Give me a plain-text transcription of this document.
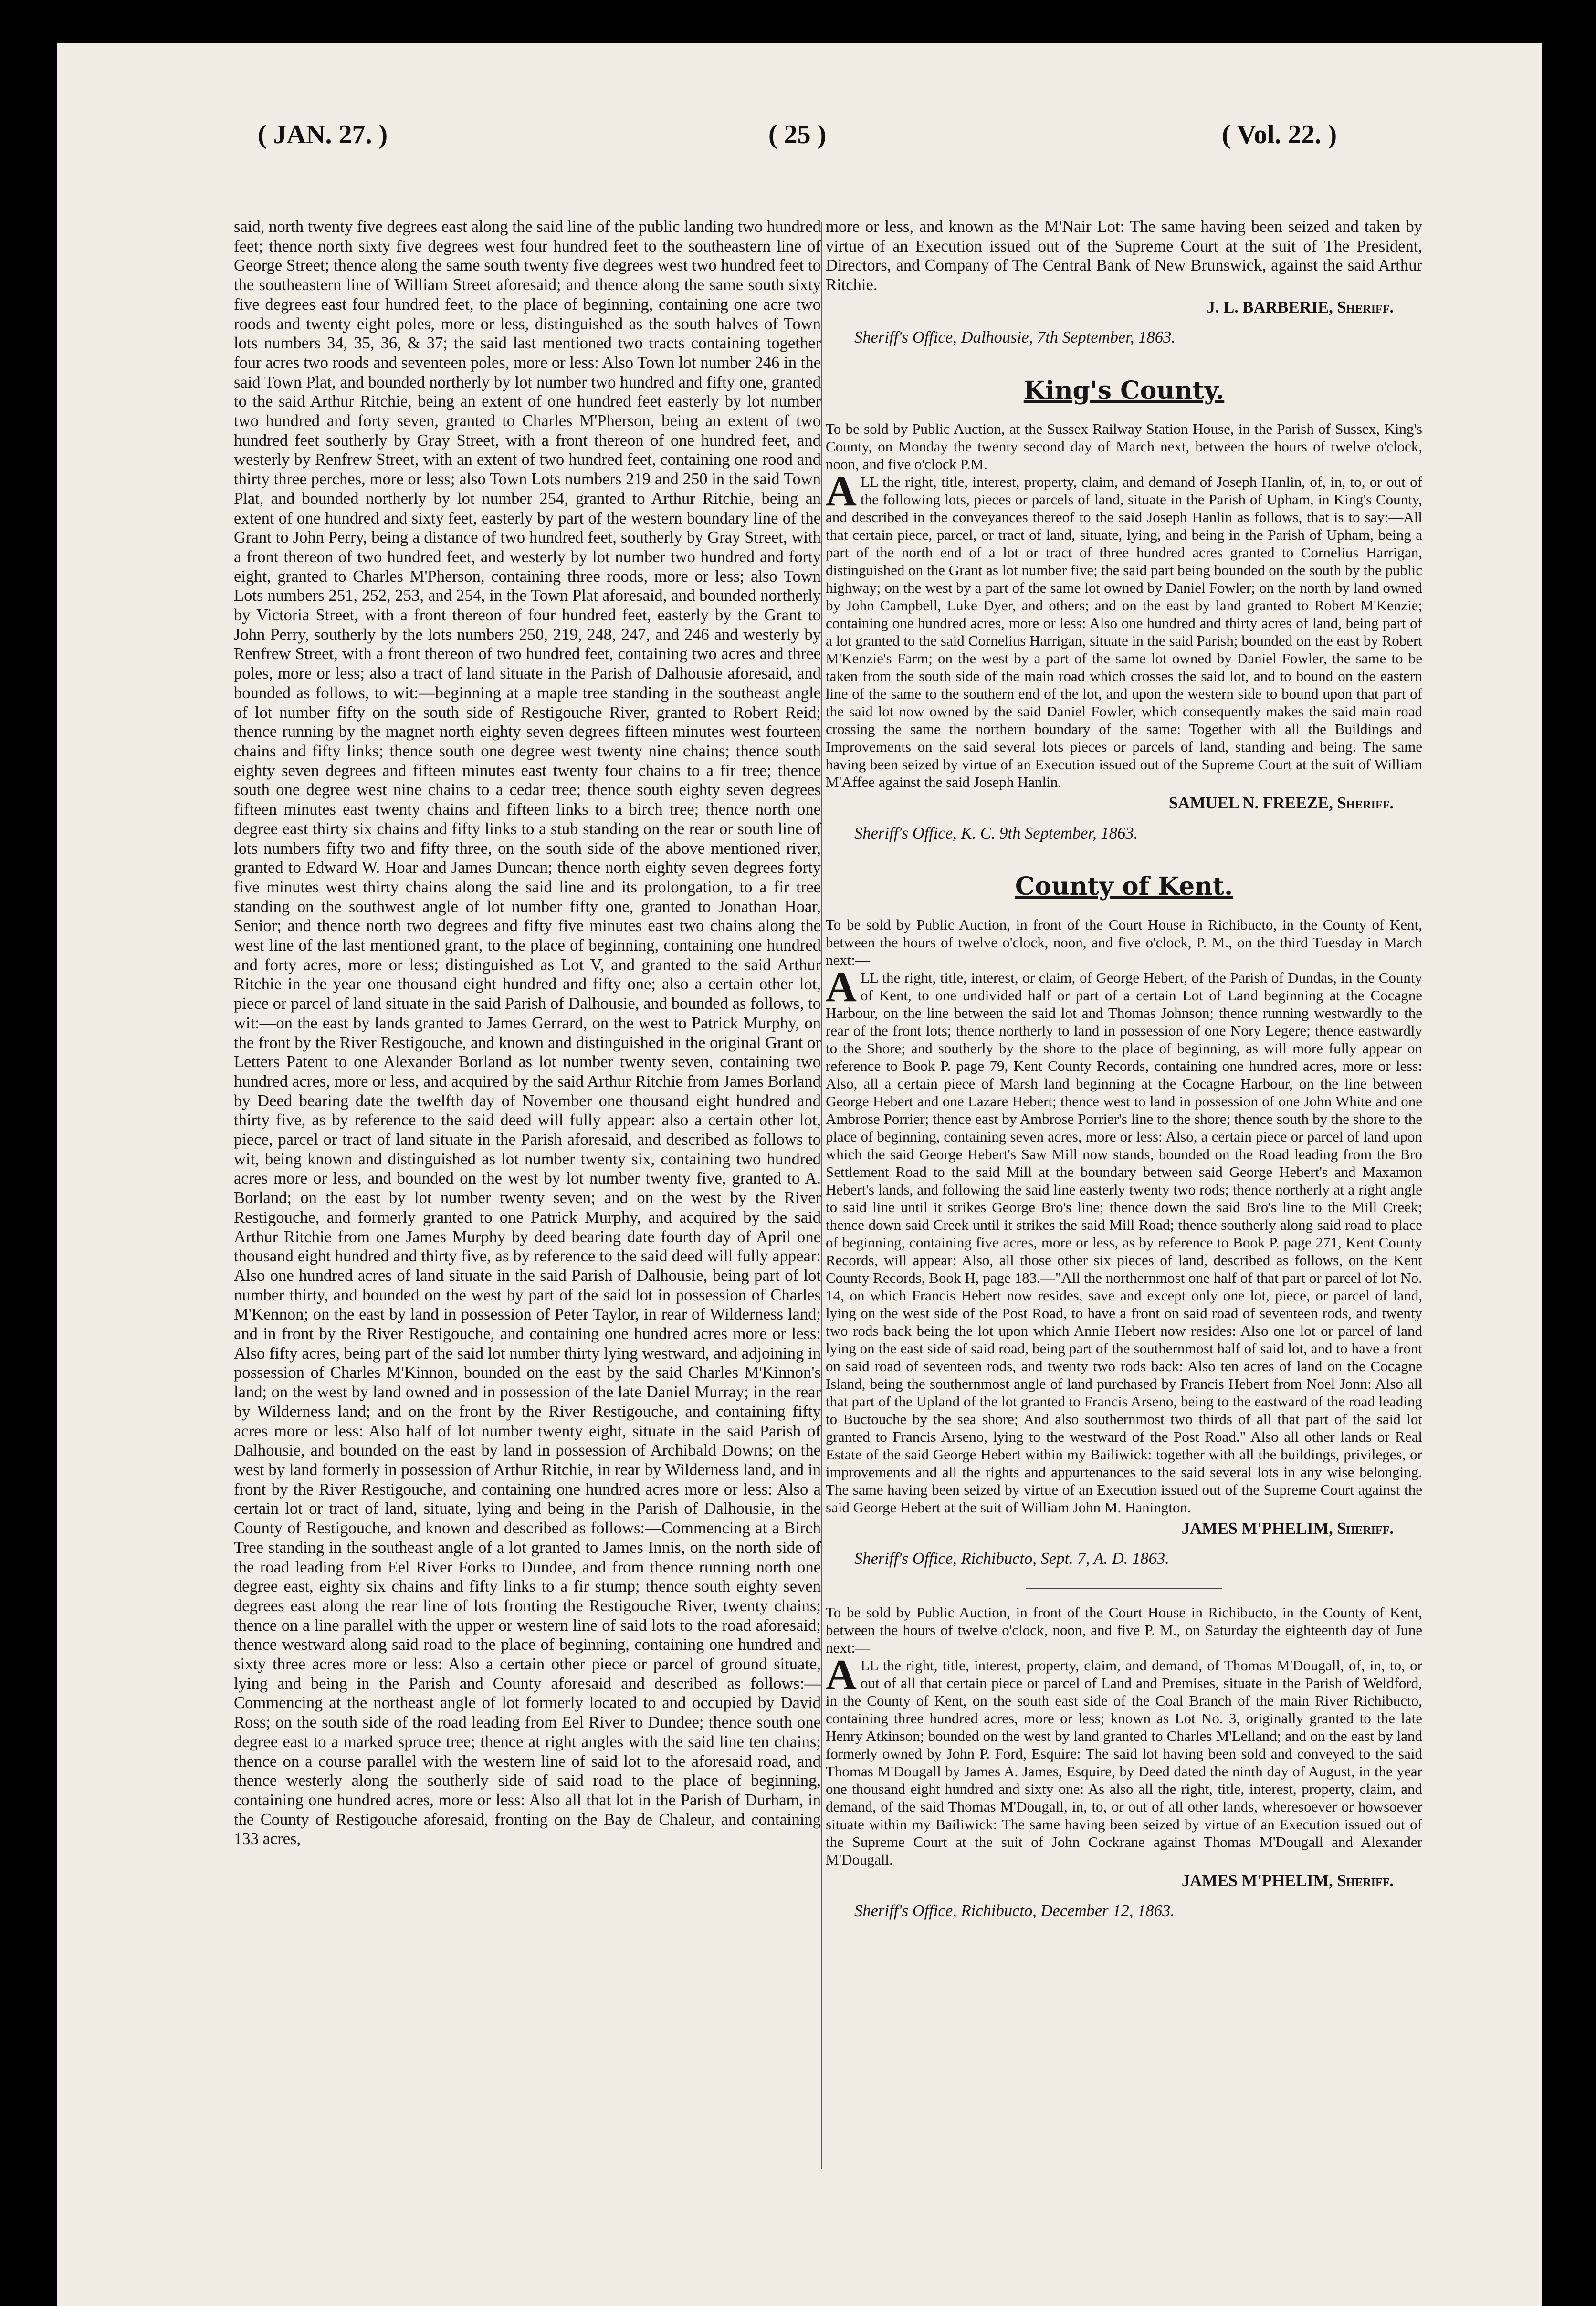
( JAN. 27. )	( 25 )	( Vol. 22. )

said, north twenty five degrees east along the said line of the public landing two hundred feet; thence north sixty five degrees west four hundred feet to the southeastern line of George Street; thence along the same south twenty five degrees west two hundred feet to the southeastern line of William Street aforesaid; and thence along the same south sixty five degrees east four hundred feet, to the place of beginning, containing one acre two roods and twenty eight poles, more or less, distinguished as the south halves of Town lots numbers 34, 35, 36, & 37; the said last mentioned two tracts containing together four acres two roods and seventeen poles, more or less: Also Town lot number 246 in the said Town Plat, and bounded northerly by lot number two hundred and fifty one, granted to the said Arthur Ritchie, being an extent of one hundred feet easterly by lot number two hundred and forty seven, granted to Charles M'Pherson, being an extent of two hundred feet southerly by Gray Street, with a front thereon of one hundred feet, and westerly by Renfrew Street, with an extent of two hundred feet, containing one rood and thirty three perches, more or less; also Town Lots numbers 219 and 250 in the said Town Plat, and bounded northerly by lot number 254, granted to Arthur Ritchie, being an extent of one hundred and sixty feet, easterly by part of the western boundary line of the Grant to John Perry, being a distance of two hundred feet, southerly by Gray Street, with a front thereon of two hundred feet, and westerly by lot number two hundred and forty eight, granted to Charles M'Pherson, containing three roods, more or less; also Town Lots numbers 251, 252, 253, and 254, in the Town Plat aforesaid, and bounded northerly by Victoria Street, with a front thereon of four hundred feet, easterly by the Grant to John Perry, southerly by the lots numbers 250, 219, 248, 247, and 246 and westerly by Renfrew Street, with a front thereon of two hundred feet, containing two acres and three poles, more or less; also a tract of land situate in the Parish of Dalhousie aforesaid, and bounded as follows, to wit:—beginning at a maple tree standing in the southeast angle of lot number fifty on the south side of Restigouche River, granted to Robert Reid; thence running by the magnet north eighty seven degrees fifteen minutes west fourteen chains and fifty links; thence south one degree west twenty nine chains; thence south eighty seven degrees and fifteen minutes east twenty four chains to a fir tree; thence south one degree west nine chains to a cedar tree; thence south eighty seven degrees fifteen minutes east twenty chains and fifteen links to a birch tree; thence north one degree east thirty six chains and fifty links to a stub standing on the rear or south line of lots numbers fifty two and fifty three, on the south side of the above mentioned river, granted to Edward W. Hoar and James Duncan; thence north eighty seven degrees forty five minutes west thirty chains along the said line and its prolongation, to a fir tree standing on the southwest angle of lot number fifty one, granted to Jonathan Hoar, Senior; and thence north two degrees and fifty five minutes east two chains along the west line of the last mentioned grant, to the place of beginning, containing one hundred and forty acres, more or less; distinguished as Lot V, and granted to the said Arthur Ritchie in the year one thousand eight hundred and fifty one; also a certain other lot, piece or parcel of land situate in the said Parish of Dalhousie, and bounded as follows, to wit:—on the east by lands granted to James Gerrard, on the west to Patrick Murphy, on the front by the River Restigouche, and known and distinguished in the original Grant or Letters Patent to one Alexander Borland as lot number twenty seven, containing two hundred acres, more or less, and acquired by the said Arthur Ritchie from James Borland by Deed bearing date the twelfth day of November one thousand eight hundred and thirty five, as by reference to the said deed will fully appear: also a certain other lot, piece, parcel or tract of land situate in the Parish aforesaid, and described as follows to wit, being known and distinguished as lot number twenty six, containing two hundred acres more or less, and bounded on the west by lot number twenty five, granted to A. Borland; on the east by lot number twenty seven; and on the west by the River Restigouche, and formerly granted to one Patrick Murphy, and acquired by the said Arthur Ritchie from one James Murphy by deed bearing date fourth day of April one thousand eight hundred and thirty five, as by reference to the said deed will fully appear: Also one hundred acres of land situate in the said Parish of Dalhousie, being part of lot number thirty, and bounded on the west by part of the said lot in possession of Charles M'Kennon; on the east by land in possession of Peter Taylor, in rear of Wilderness land; and in front by the River Restigouche, and containing one hundred acres more or less: Also fifty acres, being part of the said lot number thirty lying westward, and adjoining in possession of Charles M'Kinnon, bounded on the east by the said Charles M'Kinnon's land; on the west by land owned and in possession of the late Daniel Murray; in the rear by Wilderness land; and on the front by the River Restigouche, and containing fifty acres more or less: Also half of lot number twenty eight, situate in the said Parish of Dalhousie, and bounded on the east by land in possession of Archibald Downs; on the west by land formerly in possession of Arthur Ritchie, in rear by Wilderness land, and in front by the River Restigouche, and containing one hundred acres more or less: Also a certain lot or tract of land, situate, lying and being in the Parish of Dalhousie, in the County of Restigouche, and known and described as follows:—Commencing at a Birch Tree standing in the southeast angle of a lot granted to James Innis, on the north side of the road leading from Eel River Forks to Dundee, and from thence running north one degree east, eighty six chains and fifty links to a fir stump; thence south eighty seven degrees east along the rear line of lots fronting the Restigouche River, twenty chains; thence on a line parallel with the upper or western line of said lots to the road aforesaid; thence westward along said road to the place of beginning, containing one hundred and sixty three acres more or less: Also a certain other piece or parcel of ground situate, lying and being in the Parish and County aforesaid and described as follows:—Commencing at the northeast angle of lot formerly located to and occupied by David Ross; on the south side of the road leading from Eel River to Dundee; thence south one degree east to a marked spruce tree; thence at right angles with the said line ten chains; thence on a course parallel with the western line of said lot to the aforesaid road, and thence westerly along the southerly side of said road to the place of beginning, containing one hundred acres, more or less: Also all that lot in the Parish of Durham, in the County of Restigouche aforesaid, fronting on the Bay de Chaleur, and containing 133 acres,

more or less, and known as the M'Nair Lot: The same having been seized and taken by virtue of an Execution issued out of the Supreme Court at the suit of The President, Directors, and Company of The Central Bank of New Brunswick, against the said Arthur Ritchie.

J. L. BARBERIE, Sheriff.

Sheriff's Office, Dalhousie, 7th September, 1863.

King's County.

To be sold by Public Auction, at the Sussex Railway Station House, in the Parish of Sussex, King's County, on Monday the twenty second day of March next, between the hours of twelve o'clock, noon, and five o'clock P.M.

ALL the right, title, interest, property, claim, and demand of Joseph Hanlin, of, in, to, or out of the following lots, pieces or parcels of land, situate in the Parish of Upham, in King's County, and described in the conveyances thereof to the said Joseph Hanlin as follows, that is to say:—All that certain piece, parcel, or tract of land, situate, lying, and being in the Parish of Upham, being a part of the north end of a lot or tract of three hundred acres granted to Cornelius Harrigan, distinguished on the Grant as lot number five; the said part being bounded on the south by the public highway; on the west by a part of the same lot owned by Daniel Fowler; on the north by land owned by John Campbell, Luke Dyer, and others; and on the east by land granted to Robert M'Kenzie; containing one hundred acres, more or less: Also one hundred and thirty acres of land, being part of a lot granted to the said Cornelius Harrigan, situate in the said Parish; bounded on the east by Robert M'Kenzie's Farm; on the west by a part of the same lot owned by Daniel Fowler, the same to be taken from the south side of the main road which crosses the said lot, and to bound on the eastern line of the same to the southern end of the lot, and upon the western side to bound upon that part of the said lot now owned by the said Daniel Fowler, which consequently makes the said main road crossing the same the northern boundary of the same: Together with all the Buildings and Improvements on the said several lots pieces or parcels of land, standing and being. The same having been seized by virtue of an Execution issued out of the Supreme Court at the suit of William M'Affee against the said Joseph Hanlin.

SAMUEL N. FREEZE, Sheriff.

Sheriff's Office, K. C. 9th September, 1863.

County of Kent.

To be sold by Public Auction, in front of the Court House in Richibucto, in the County of Kent, between the hours of twelve o'clock, noon, and five o'clock, P. M., on the third Tuesday in March next:—

ALL the right, title, interest, or claim, of George Hebert, of the Parish of Dundas, in the County of Kent, to one undivided half or part of a certain Lot of Land beginning at the Cocagne Harbour, on the line between the said lot and Thomas Johnson; thence running westwardly to the rear of the front lots; thence northerly to land in possession of one Nory Legere; thence eastwardly to the Shore; and southerly by the shore to the place of beginning, as will more fully appear on reference to Book P. page 79, Kent County Records, containing one hundred acres, more or less: Also, all a certain piece of Marsh land beginning at the Cocagne Harbour, on the line between George Hebert and one Lazare Hebert; thence west to land in possession of one John White and one Ambrose Porrier; thence east by Ambrose Porrier's line to the shore; thence south by the shore to the place of beginning, containing seven acres, more or less: Also, a certain piece or parcel of land upon which the said George Hebert's Saw Mill now stands, bounded on the Road leading from the Bro Settlement Road to the said Mill at the boundary between said George Hebert's and Maxamon Hebert's lands, and following the said line easterly twenty two rods; thence northerly at a right angle to said line until it strikes George Bro's line; thence down the said Bro's line to the Mill Creek; thence down said Creek until it strikes the said Mill Road; thence southerly along said road to place of beginning, containing five acres, more or less, as by reference to Book P. page 271, Kent County Records, will appear: Also, all those other six pieces of land, described as follows, on the Kent County Records, Book H, page 183.—"All the northernmost one half of that part or parcel of lot No. 14, on which Francis Hebert now resides, save and except only one lot, piece, or parcel of land, lying on the west side of the Post Road, to have a front on said road of seventeen rods, and twenty two rods back being the lot upon which Annie Hebert now resides: Also one lot or parcel of land lying on the east side of said road, being part of the southernmost half of said lot, and to have a front on said road of seventeen rods, and twenty two rods back: Also ten acres of land on the Cocagne Island, being the southernmost angle of land purchased by Francis Hebert from Noel Jonn: Also all that part of the Upland of the lot granted to Francis Arseno, being to the eastward of the road leading to Buctouche by the sea shore; And also southernmost two thirds of all that part of the said lot granted to Francis Arseno, lying to the westward of the Post Road." Also all other lands or Real Estate of the said George Hebert within my Bailiwick: together with all the buildings, privileges, or improvements and all the rights and appurtenances to the said several lots in any wise belonging. The same having been seized by virtue of an Execution issued out of the Supreme Court against the said George Hebert at the suit of William John M. Hanington.

JAMES M'PHELIM, Sheriff.

Sheriff's Office, Richibucto, Sept. 7, A. D. 1863.

To be sold by Public Auction, in front of the Court House in Richibucto, in the County of Kent, between the hours of twelve o'clock, noon, and five P. M., on Saturday the eighteenth day of June next:—

ALL the right, title, interest, property, claim, and demand, of Thomas M'Dougall, of, in, to, or out of all that certain piece or parcel of Land and Premises, situate in the Parish of Weldford, in the County of Kent, on the south east side of the Coal Branch of the main River Richibucto, containing three hundred acres, more or less; known as Lot No. 3, originally granted to the late Henry Atkinson; bounded on the west by land granted to Charles M'Lelland; and on the east by land formerly owned by John P. Ford, Esquire: The said lot having been sold and conveyed to the said Thomas M'Dougall by James A. James, Esquire, by Deed dated the ninth day of August, in the year one thousand eight hundred and sixty one: As also all the right, title, interest, property, claim, and demand, of the said Thomas M'Dougall, in, to, or out of all other lands, wheresoever or howsoever situate within my Bailiwick: The same having been seized by virtue of an Execution issued out of the Supreme Court at the suit of John Cockrane against Thomas M'Dougall and Alexander M'Dougall.

JAMES M'PHELIM, Sheriff.

Sheriff's Office, Richibucto, December 12, 1863.
